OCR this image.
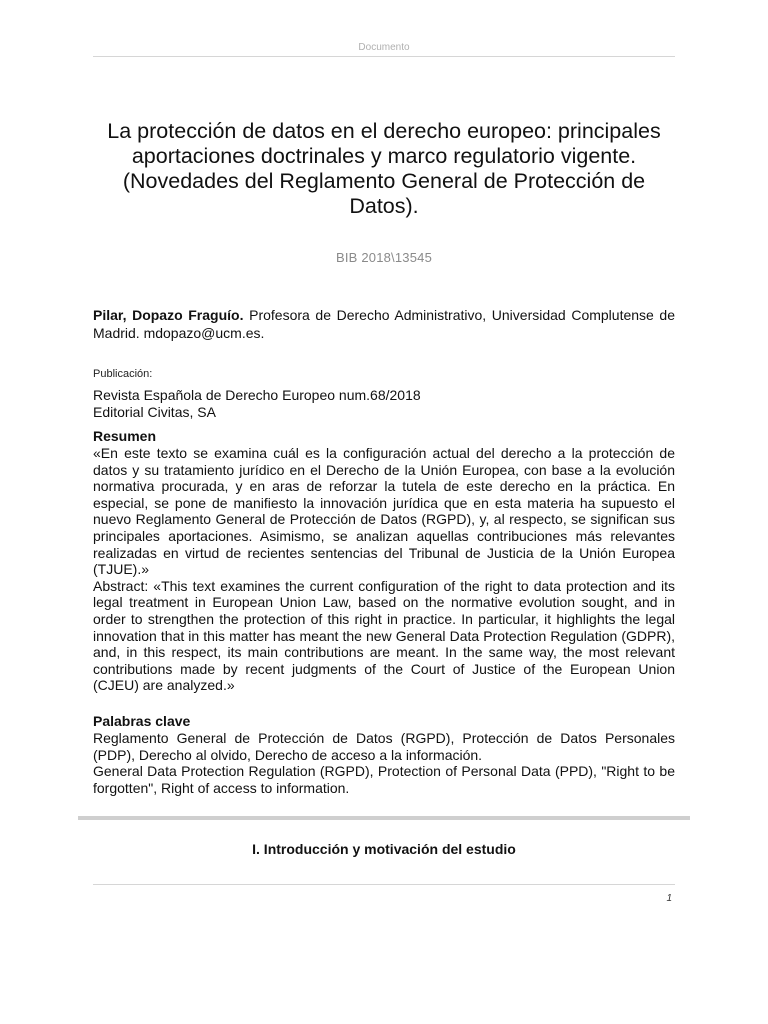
Documento
La protección de datos en el derecho europeo: principales aportaciones doctrinales y marco regulatorio vigente.(Novedades del Reglamento General de Protección de Datos).
BIB 2018\13545
Pilar, Dopazo Fraguío. Profesora de Derecho Administrativo, Universidad Complutense de Madrid. mdopazo@ucm.es.
Publicación:
Revista Española de Derecho Europeo num.68/2018
Editorial Civitas, SA
Resumen

«En este texto se examina cuál es la configuración actual del derecho a la protección de datos y su tratamiento jurídico en el Derecho de la Unión Europea, con base a la evolución normativa procurada, y en aras de reforzar la tutela de este derecho en la práctica. En especial, se pone de manifiesto la innovación jurídica que en esta materia ha supuesto el nuevo Reglamento General de Protección de Datos (RGPD), y, al respecto, se significan sus principales aportaciones. Asimismo, se analizan aquellas contribuciones más relevantes realizadas en virtud de recientes sentencias del Tribunal de Justicia de la Unión Europea (TJUE).»

Abstract: «This text examines the current configuration of the right to data protection and its legal treatment in European Union Law, based on the normative evolution sought, and in order to strengthen the protection of this right in practice. In particular, it highlights the legal innovation that in this matter has meant the new General Data Protection Regulation (GDPR), and, in this respect, its main contributions are meant. In the same way, the most relevant contributions made by recent judgments of the Court of Justice of the European Union (CJEU) are analyzed.»

Palabras clave

Reglamento General de Protección de Datos (RGPD), Protección de Datos Personales (PDP), Derecho al olvido, Derecho de acceso a la información.

General Data Protection Regulation (RGPD), Protection of Personal Data (PPD), "Right to be forgotten", Right of access to information.

I. Introducción y motivación del estudio
1
